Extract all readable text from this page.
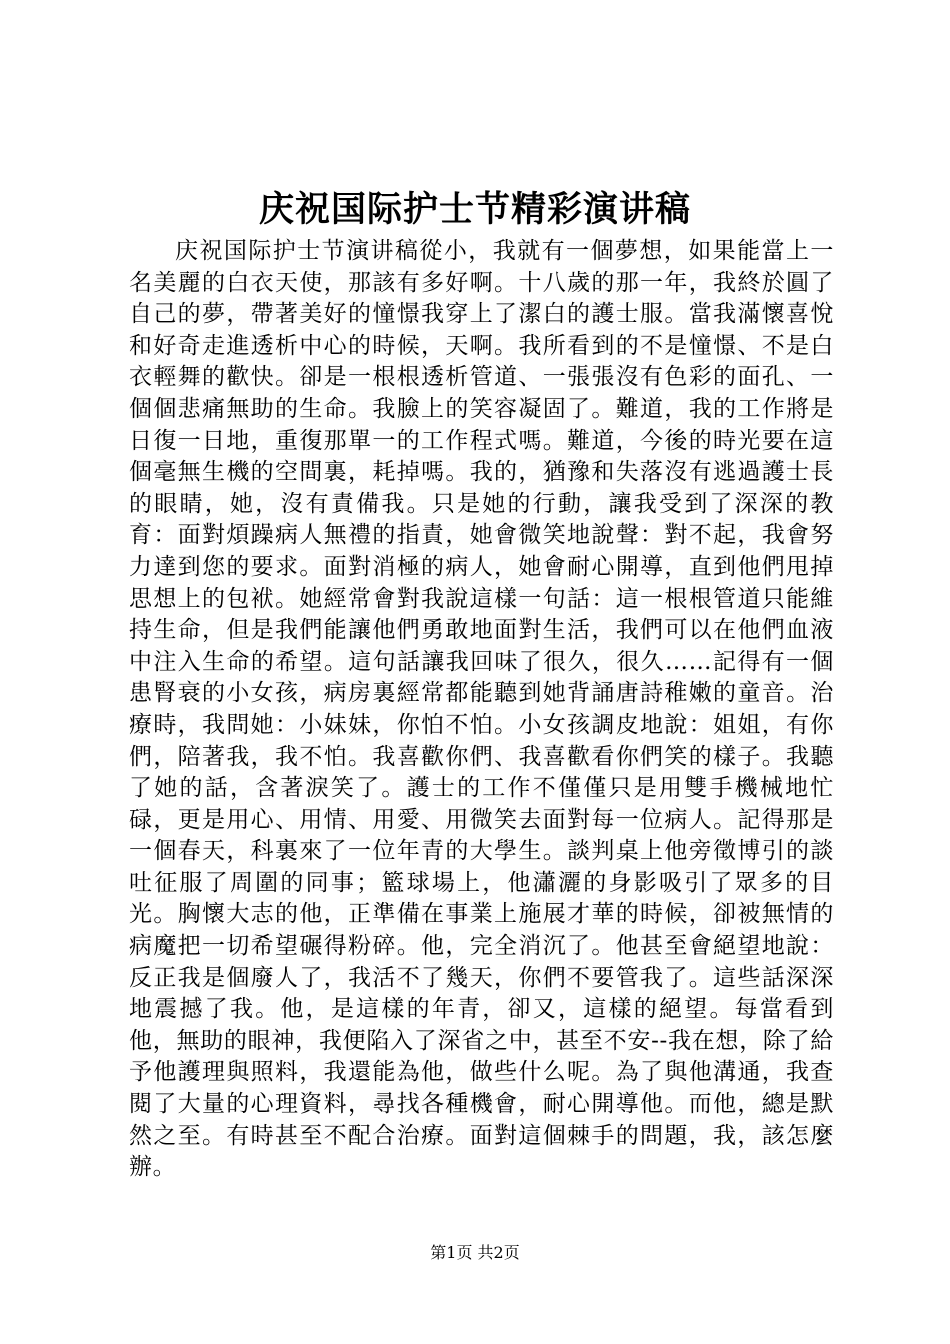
庆祝国际护士节精彩演讲稿

庆祝国际护士节演讲稿從小，我就有一個夢想，如果能當上一名美麗的白衣天使，那該有多好啊。十八歲的那一年，我終於圓了自己的夢，帶著美好的憧憬我穿上了潔白的護士服。當我滿懷喜悅和好奇走進透析中心的時候，天啊。我所看到的不是憧憬、不是白衣輕舞的歡快。卻是一根根透析管道、一張張沒有色彩的面孔、一個個悲痛無助的生命。我臉上的笑容凝固了。難道，我的工作將是日復一日地，重復那單一的工作程式嗎。難道，今後的時光要在這個毫無生機的空間裏，耗掉嗎。我的，猶豫和失落沒有逃過護士長的眼睛，她，沒有責備我。只是她的行動，讓我受到了深深的教育：面對煩躁病人無禮的指責，她會微笑地說聲：對不起，我會努力達到您的要求。面對消極的病人，她會耐心開導，直到他們甩掉思想上的包袱。她經常會對我說這樣一句話：這一根根管道只能維持生命，但是我們能讓他們勇敢地面對生活，我們可以在他們血液中注入生命的希望。這句話讓我回味了很久，很久……記得有一個患腎衰的小女孩，病房裏經常都能聽到她背誦唐詩稚嫩的童音。治療時，我問她：小妹妹，你怕不怕。小女孩調皮地說：姐姐，有你們，陪著我，我不怕。我喜歡你們、我喜歡看你們笑的樣子。我聽了她的話，含著淚笑了。護士的工作不僅僅只是用雙手機械地忙碌，更是用心、用情、用愛、用微笑去面對每一位病人。記得那是一個春天，科裏來了一位年青的大學生。談判桌上他旁徵博引的談吐征服了周圍的同事；籃球場上，他瀟灑的身影吸引了眾多的目光。胸懷大志的他，正準備在事業上施展才華的時候，卻被無情的病魔把一切希望碾得粉碎。他，完全消沉了。他甚至會絕望地說：反正我是個廢人了，我活不了幾天，你們不要管我了。這些話深深地震撼了我。他，是這樣的年青，卻又，這樣的絕望。每當看到他，無助的眼神，我便陷入了深省之中，甚至不安--我在想，除了給予他護理與照料，我還能為他，做些什么呢。為了與他溝通，我查閱了大量的心理資料，尋找各種機會，耐心開導他。而他，總是默然之至。有時甚至不配合治療。面對這個棘手的問題，我，該怎麼辦。

第1页 共2页
